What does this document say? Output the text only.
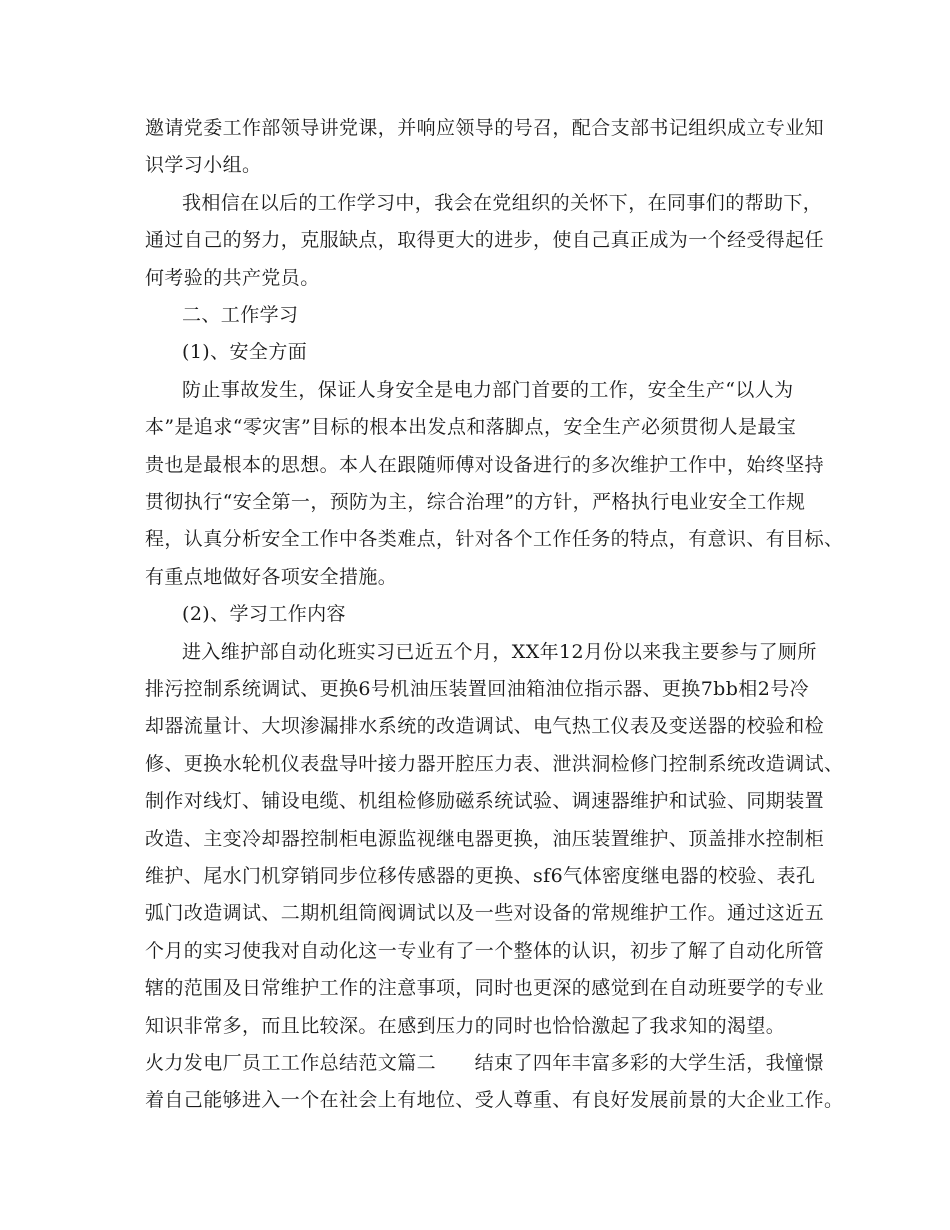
邀请党委工作部领导讲党课，并响应领导的号召，配合支部书记组织成立专业知
识学习小组。
我相信在以后的工作学习中，我会在党组织的关怀下，在同事们的帮助下，
通过自己的努力，克服缺点，取得更大的进步，使自己真正成为一个经受得起任
何考验的共产党员。
二、工作学习
(1)、安全方面
防止事故发生，保证人身安全是电力部门首要的工作，安全生产“以人为
本”是追求“零灾害”目标的根本出发点和落脚点，安全生产必须贯彻人是最宝
贵也是最根本的思想。本人在跟随师傅对设备进行的多次维护工作中，始终坚持
贯彻执行“安全第一，预防为主，综合治理”的方针，严格执行电业安全工作规
程，认真分析安全工作中各类难点，针对各个工作任务的特点，有意识、有目标、
有重点地做好各项安全措施。
(2)、学习工作内容
进入维护部自动化班实习已近五个月，XX年12月份以来我主要参与了厕所
排污控制系统调试、更换6号机油压装置回油箱油位指示器、更换7bb相2号冷
却器流量计、大坝渗漏排水系统的改造调试、电气热工仪表及变送器的校验和检
修、更换水轮机仪表盘导叶接力器开腔压力表、泄洪洞检修门控制系统改造调试、
制作对线灯、铺设电缆、机组检修励磁系统试验、调速器维护和试验、同期装置
改造、主变冷却器控制柜电源监视继电器更换，油压装置维护、顶盖排水控制柜
维护、尾水门机穿销同步位移传感器的更换、sf6气体密度继电器的校验、表孔
弧门改造调试、二期机组筒阀调试以及一些对设备的常规维护工作。通过这近五
个月的实习使我对自动化这一专业有了一个整体的认识，初步了解了自动化所管
辖的范围及日常维护工作的注意事项，同时也更深的感觉到在自动班要学的专业
知识非常多，而且比较深。在感到压力的同时也恰恰激起了我求知的渴望。
火力发电厂员工工作总结范文篇二      结束了四年丰富多彩的大学生活，我憧憬
着自己能够进入一个在社会上有地位、受人尊重、有良好发展前景的大企业工作。
